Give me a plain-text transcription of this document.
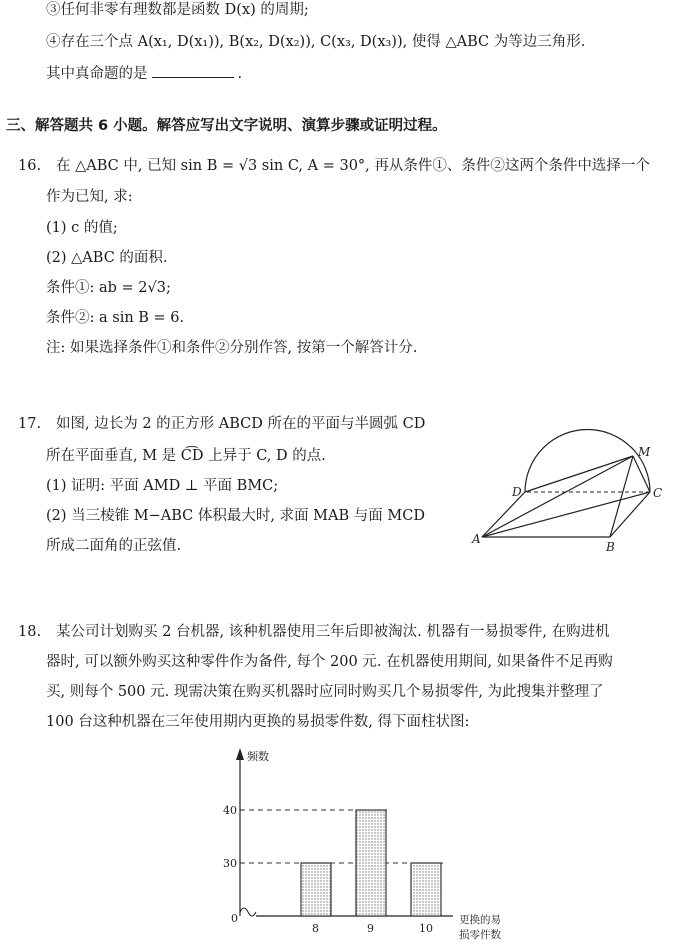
③任何非零有理数都是函数 D(x) 的周期;
④存在三个点 A(x₁, D(x₁)), B(x₂, D(x₂)), C(x₃, D(x₃)), 使得 △ABC 为等边三角形.
其中真命题的是	.
三、解答题共 6 小题。解答应写出文字说明、演算步骤或证明过程。
16. 在 △ABC 中, 已知 sin B = √3 sin C, A = 30°, 再从条件①、条件②这两个条件中选择一个
作为已知, 求:
(1) c 的值;
(2) △ABC 的面积.
条件①: ab = 2√3;
条件②: a sin B = 6.
注: 如果选择条件①和条件②分别作答, 按第一个解答计分.
17. 如图, 边长为 2 的正方形 ABCD 所在的平面与半圆弧 CD
所在平面垂直, M 是 C͡D 上异于 C, D 的点.
(1) 证明: 平面 AMD ⊥ 平面 BMC;
(2) 当三棱锥 M−ABC 体积最大时, 求面 MAB 与面 MCD
所成二面角的正弦值.	A
B
C
D
M
18. 某公司计划购买 2 台机器, 该种机器使用三年后即被淘汰. 机器有一易损零件, 在购进机
器时, 可以额外购买这种零件作为备件, 每个 200 元. 在机器使用期间, 如果备件不足再购
买, 则每个 500 元. 现需决策在购买机器时应同时购买几个易损零件, 为此搜集并整理了
100 台这种机器在三年使用期内更换的易损零件数, 得下面柱状图:
频数
0
30
40
8	9	10
更换的易
损零件数
